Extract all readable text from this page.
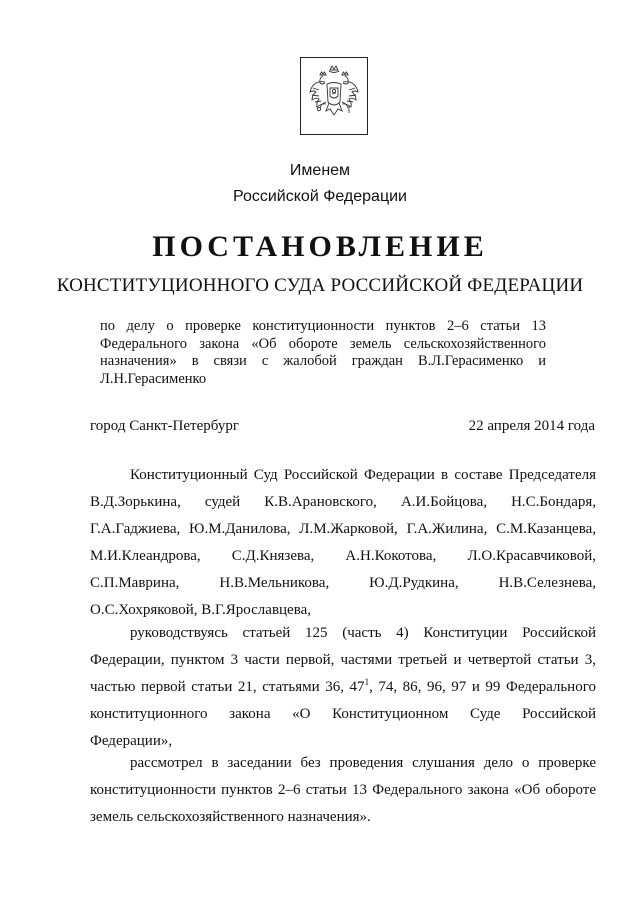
Именем
Российской Федерации
ПОСТАНОВЛЕНИЕ
КОНСТИТУЦИОННОГО СУДА РОССИЙСКОЙ ФЕДЕРАЦИИ
по делу о проверке конституционности пунктов 2–6 статьи 13
Федерального закона «Об обороте земель сельскохозяйственного
назначения» в связи с жалобой граждан В.Л.Герасименко и
Л.Н.Герасименко
город Санкт-Петербург	22 апреля 2014 года
Конституционный Суд Российской Федерации в составе Председателя
В.Д.Зорькина, судей К.В.Арановского, А.И.Бойцова, Н.С.Бондаря,
Г.А.Гаджиева, Ю.М.Данилова, Л.М.Жарковой, Г.А.Жилина, С.М.Казанцева,
М.И.Клеандрова, С.Д.Князева, А.Н.Кокотова, Л.О.Красавчиковой,
С.П.Маврина, Н.В.Мельникова, Ю.Д.Рудкина, Н.В.Селезнева,
О.С.Хохряковой, В.Г.Ярославцева,
руководствуясь статьей 125 (часть 4) Конституции Российской
Федерации, пунктом 3 части первой, частями третьей и четвертой статьи 3,
частью первой статьи 21, статьями 36, $47^1$, 74, 86, 96, 97 и 99 Федерального
конституционного закона «О Конституционном Суде Российской
Федерации»,
рассмотрел в заседании без проведения слушания дело о проверке
конституционности пунктов 2–6 статьи 13 Федерального закона «Об обороте
земель сельскохозяйственного назначения».
